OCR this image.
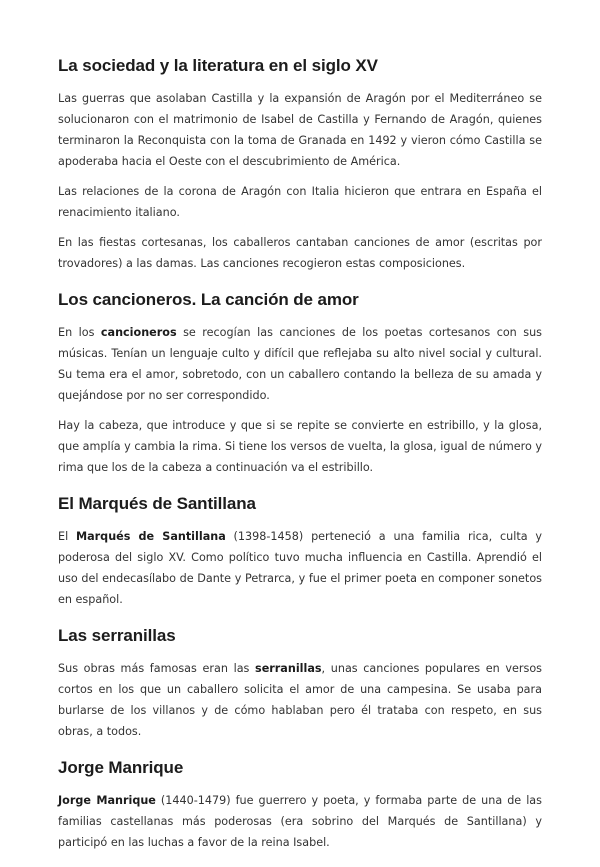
La sociedad y la literatura en el siglo XV

Las guerras que asolaban Castilla y la expansión de Aragón por el Mediterráneo se solucionaron con el matrimonio de Isabel de Castilla y Fernando de Aragón, quienes terminaron la Reconquista con la toma de Granada en 1492 y vieron cómo Castilla se apoderaba hacia el Oeste con el descubrimiento de América.

Las relaciones de la corona de Aragón con Italia hicieron que entrara en España el renacimiento italiano.

En las fiestas cortesanas, los caballeros cantaban canciones de amor (escritas por trovadores) a las damas. Las canciones recogieron estas composiciones.

Los cancioneros. La canción de amor

En los cancioneros se recogían las canciones de los poetas cortesanos con sus músicas. Tenían un lenguaje culto y difícil que reflejaba su alto nivel social y cultural. Su tema era el amor, sobretodo, con un caballero contando la belleza de su amada y quejándose por no ser correspondido.

Hay la cabeza, que introduce y que si se repite se convierte en estribillo, y la glosa, que amplía y cambia la rima. Si tiene los versos de vuelta, la glosa, igual de número y rima que los de la cabeza a continuación va el estribillo.

El Marqués de Santillana

El Marqués de Santillana (1398-1458) perteneció a una familia rica, culta y poderosa del siglo XV. Como político tuvo mucha influencia en Castilla. Aprendió el uso del endecasílabo de Dante y Petrarca, y fue el primer poeta en componer sonetos en español.

Las serranillas

Sus obras más famosas eran las serranillas, unas canciones populares en versos cortos en los que un caballero solicita el amor de una campesina. Se usaba para burlarse de los villanos y de cómo hablaban pero él trataba con respeto, en sus obras, a todos.

Jorge Manrique

Jorge Manrique (1440-1479) fue guerrero y poeta, y formaba parte de una de las familias castellanas más poderosas (era sobrino del Marqués de Santillana) y participó en las luchas a favor de la reina Isabel.
